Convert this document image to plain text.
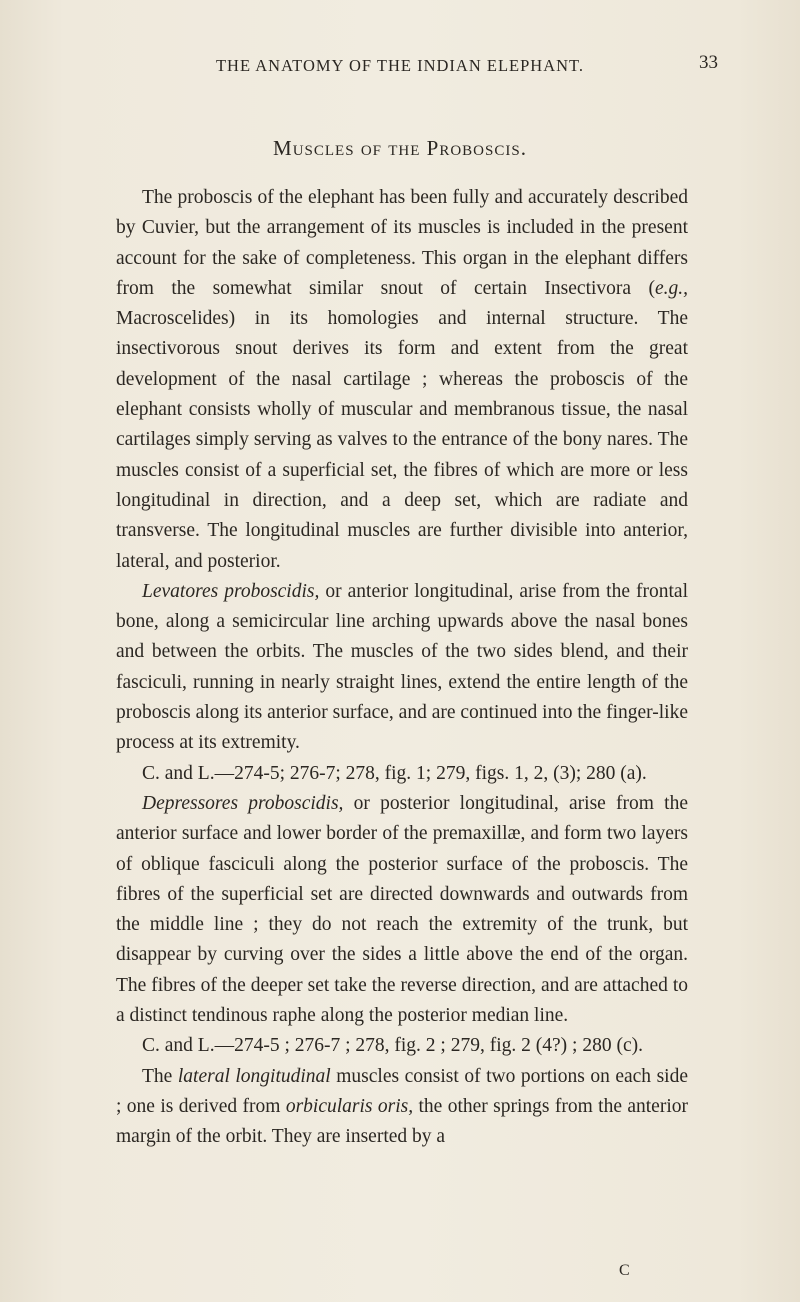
THE ANATOMY OF THE INDIAN ELEPHANT.	33
Muscles of the Proboscis.

The proboscis of the elephant has been fully and accurately described by Cuvier, but the arrangement of its muscles is included in the present account for the sake of completeness. This organ in the elephant differs from the somewhat similar snout of certain Insectivora (e.g., Macroscelides) in its homologies and internal structure. The insectivorous snout derives its form and extent from the great development of the nasal cartilage ; whereas the proboscis of the elephant consists wholly of muscular and membranous tissue, the nasal cartilages simply serving as valves to the entrance of the bony nares. The muscles consist of a superficial set, the fibres of which are more or less longitudinal in direction, and a deep set, which are radiate and transverse. The longitudinal muscles are further divisible into anterior, lateral, and posterior.

Levatores proboscidis, or anterior longitudinal, arise from the frontal bone, along a semicircular line arching upwards above the nasal bones and between the orbits. The muscles of the two sides blend, and their fasciculi, running in nearly straight lines, extend the entire length of the proboscis along its anterior surface, and are continued into the finger-like process at its extremity.

C. and L.—274-5; 276-7; 278, fig. 1; 279, figs. 1, 2, (3); 280 (a).

Depressores proboscidis, or posterior longitudinal, arise from the anterior surface and lower border of the premaxillæ, and form two layers of oblique fasciculi along the posterior surface of the proboscis. The fibres of the superficial set are directed downwards and outwards from the middle line ; they do not reach the extremity of the trunk, but disappear by curving over the sides a little above the end of the organ. The fibres of the deeper set take the reverse direction, and are attached to a distinct tendinous raphe along the posterior median line.

C. and L.—274-5 ; 276-7 ; 278, fig. 2 ; 279, fig. 2 (4?) ; 280 (c).

The lateral longitudinal muscles consist of two portions on each side ; one is derived from orbicularis oris, the other springs from the anterior margin of the orbit. They are inserted by a

C
